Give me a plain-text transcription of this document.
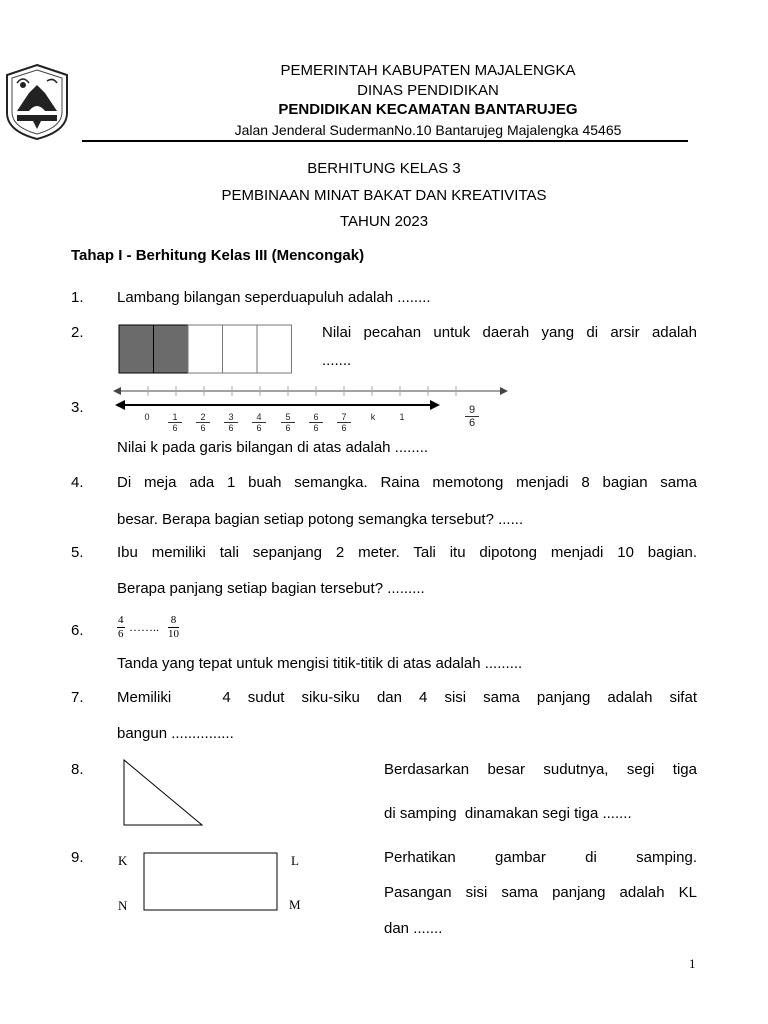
PEMERINTAH KABUPATEN MAJALENGKA
DINAS PENDIDIKAN
PENDIDIKAN KECAMATAN BANTARUJEG
Jalan Jenderal SudermanNo.10 Bantarujeg Majalengka 45465
BERHITUNG KELAS 3
PEMBINAAN MINAT BAKAT DAN KREATIVITAS
TAHUN 2023
Tahap I - Berhitung Kelas III (Mencongak)
1. Lambang bilangan seperduapuluh adalah ........
2.	Nilai pecahan untuk daerah yang di arsir adalah
.......
3.
0	1
6
2
6
3
6
4
6
5
6
6
6
7
6
k	1
9
6
Nilai k pada garis bilangan di atas adalah ........
4. Di meja ada 1 buah semangka. Raina memotong menjadi 8 bagian sama
besar. Berapa bagian setiap potong semangka tersebut? ......
5. Ibu memiliki tali sepanjang 2 meter. Tali itu dipotong menjadi 10 bagian.
Berapa panjang setiap bagian tersebut? .........
6.	$\frac{4}{6}$ …….. $\frac{8}{10}$
Tanda yang tepat untuk mengisi titik-titik di atas adalah .........
7. Memiliki   4 sudut siku-siku dan 4 sisi sama panjang adalah sifat
bangun ...............
8.	Berdasarkan besar sudutnya, segi tiga
di samping  dinamakan segi tiga .......
9.	K	L
N	M
Perhatikan gambar di samping.
Pasangan sisi sama panjang adalah KL
dan .......
1
